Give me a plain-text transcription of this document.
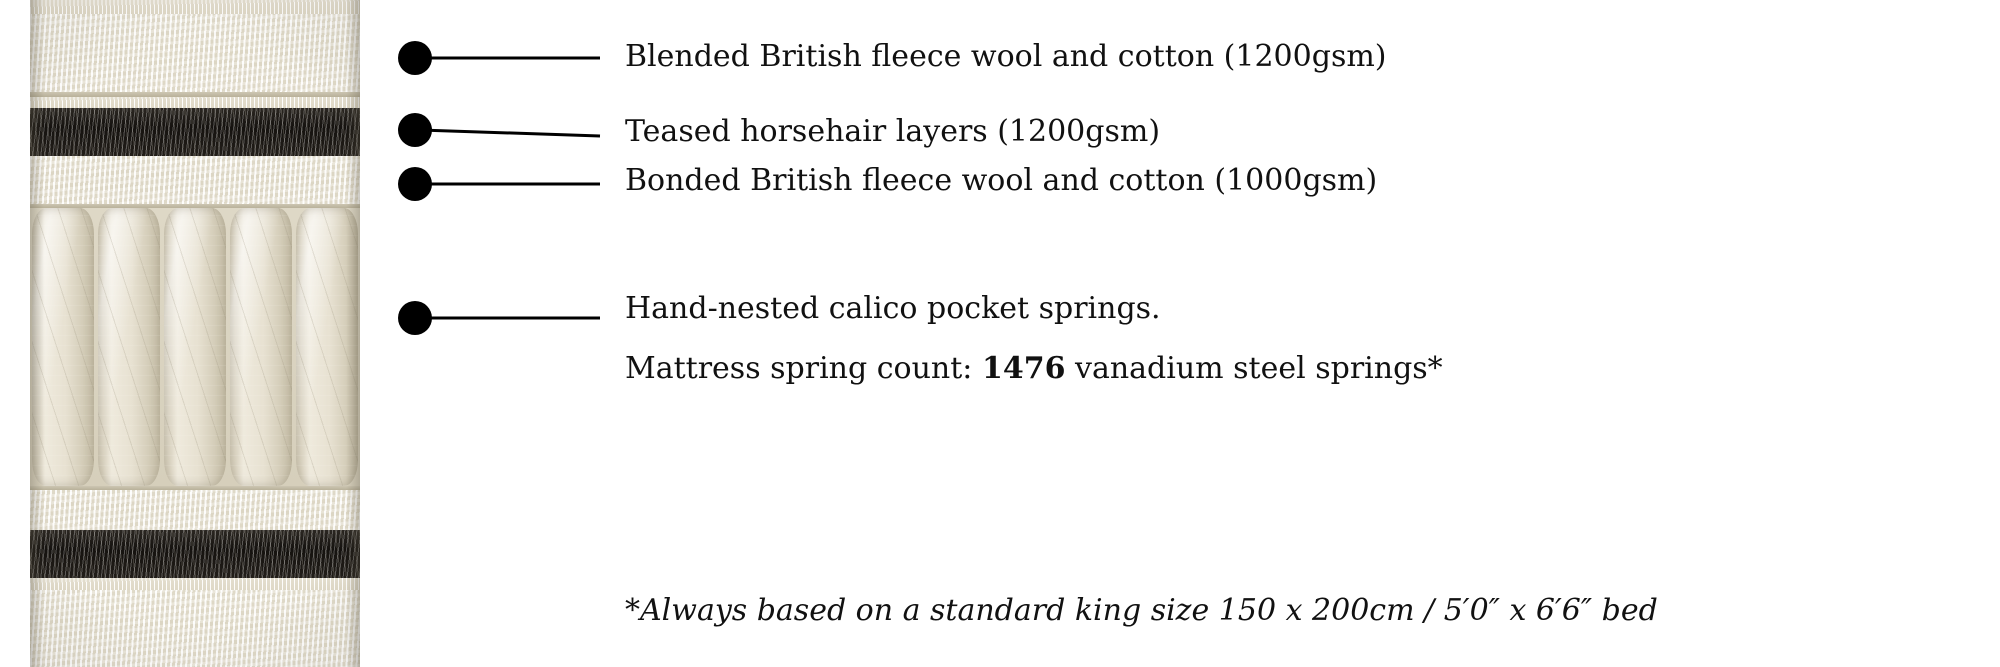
Blended British fleece wool and cotton (1200gsm)
Teased horsehair layers (1200gsm)
Bonded British fleece wool and cotton (1000gsm)
Hand-nested calico pocket springs.
Mattress spring count: 1476 vanadium steel springs*
*Always based on a standard king size 150 x 200cm / 5′0″ x 6′6″ bed
